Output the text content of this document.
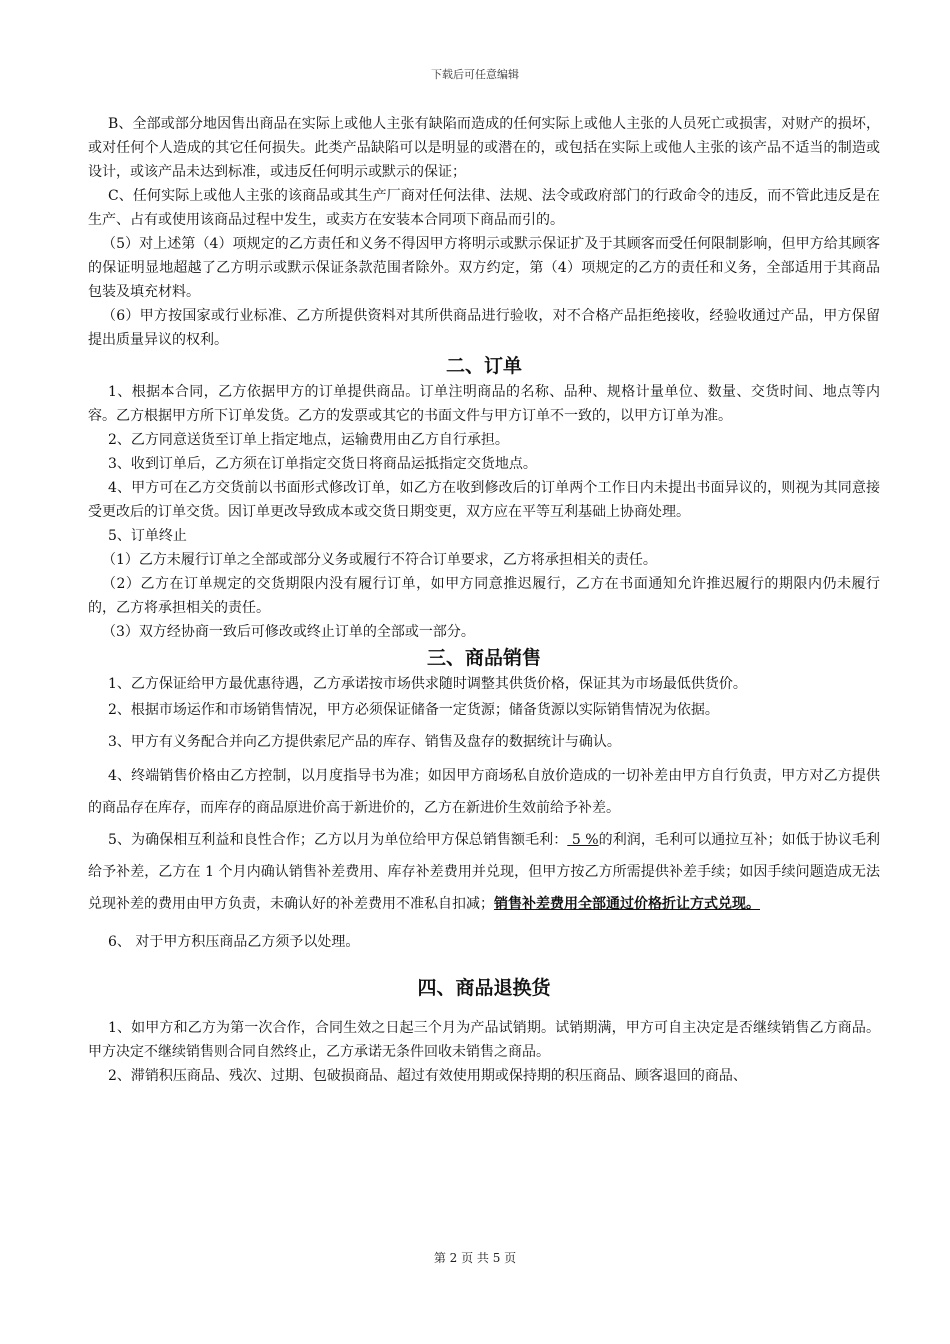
下载后可任意编辑

B、全部或部分地因售出商品在实际上或他人主张有缺陷而造成的任何实际上或他人主张的人员死亡或损害，对财产的损坏，或对任何个人造成的其它任何损失。此类产品缺陷可以是明显的或潜在的，或包括在实际上或他人主张的该产品不适当的制造或设计，或该产品未达到标准，或违反任何明示或默示的保证；

C、任何实际上或他人主张的该商品或其生产厂商对任何法律、法规、法令或政府部门的行政命令的违反，而不管此违反是在生产、占有或使用该商品过程中发生，或卖方在安装本合同项下商品而引的。

（5）对上述第（4）项规定的乙方责任和义务不得因甲方将明示或默示保证扩及于其顾客而受任何限制影响，但甲方给其顾客的保证明显地超越了乙方明示或默示保证条款范围者除外。双方约定，第（4）项规定的乙方的责任和义务，全部适用于其商品包装及填充材料。

（6）甲方按国家或行业标准、乙方所提供资料对其所供商品进行验收，对不合格产品拒绝接收，经验收通过产品，甲方保留提出质量异议的权利。

二、订单

1、根据本合同，乙方依据甲方的订单提供商品。订单注明商品的名称、品种、规格计量单位、数量、交货时间、地点等内容。乙方根据甲方所下订单发货。乙方的发票或其它的书面文件与甲方订单不一致的，以甲方订单为准。

2、乙方同意送货至订单上指定地点，运输费用由乙方自行承担。

3、收到订单后，乙方须在订单指定交货日将商品运抵指定交货地点。

4、甲方可在乙方交货前以书面形式修改订单，如乙方在收到修改后的订单两个工作日内未提出书面异议的，则视为其同意接受更改后的订单交货。因订单更改导致成本或交货日期变更，双方应在平等互利基础上协商处理。

5、订单终止

（1）乙方未履行订单之全部或部分义务或履行不符合订单要求，乙方将承担相关的责任。

（2）乙方在订单规定的交货期限内没有履行订单，如甲方同意推迟履行，乙方在书面通知允许推迟履行的期限内仍未履行的，乙方将承担相关的责任。

（3）双方经协商一致后可修改或终止订单的全部或一部分。

三、商品销售

1、乙方保证给甲方最优惠待遇，乙方承诺按市场供求随时调整其供货价格，保证其为市场最低供货价。

2、根据市场运作和市场销售情况，甲方必须保证储备一定货源；储备货源以实际销售情况为依据。

3、甲方有义务配合并向乙方提供索尼产品的库存、销售及盘存的数据统计与确认。

4、终端销售价格由乙方控制，以月度指导书为准；如因甲方商场私自放价造成的一切补差由甲方自行负责，甲方对乙方提供的商品存在库存，而库存的商品原进价高于新进价的，乙方在新进价生效前给予补差。

5、为确保相互利益和良性合作；乙方以月为单位给甲方保总销售额毛利： 5 %的利润，毛利可以通拉互补；如低于协议毛利给予补差，乙方在 1 个月内确认销售补差费用、库存补差费用并兑现，但甲方按乙方所需提供补差手续；如因手续问题造成无法兑现补差的费用由甲方负责，未确认好的补差费用不准私自扣减；销售补差费用全部通过价格折让方式兑现。

6、 对于甲方积压商品乙方须予以处理。

四、商品退换货

1、如甲方和乙方为第一次合作，合同生效之日起三个月为产品试销期。试销期满，甲方可自主决定是否继续销售乙方商品。甲方决定不继续销售则合同自然终止，乙方承诺无条件回收未销售之商品。

2、滞销积压商品、残次、过期、包破损商品、超过有效使用期或保持期的积压商品、顾客退回的商品、

第 2 页 共 5 页
